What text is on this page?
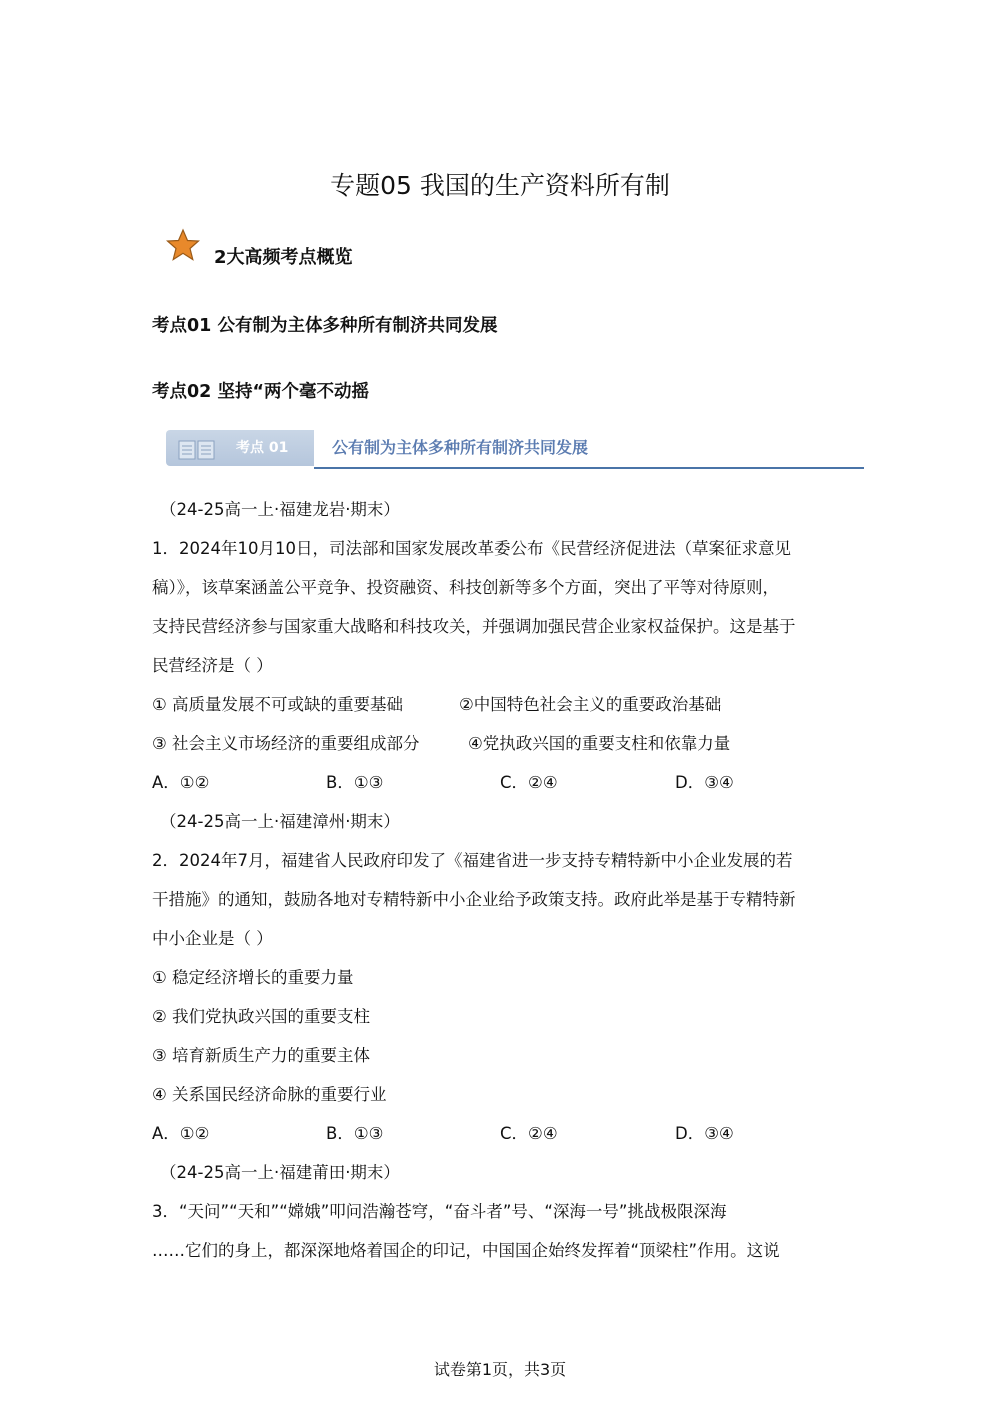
专题05 我国的生产资料所有制
2大高频考点概览
考点01 公有制为主体多种所有制济共同发展
考点02 坚持“两个毫不动摇
考点 01	公有制为主体多种所有制济共同发展
（24-25高一上·福建龙岩·期末）
1．2024年10月10日，司法部和国家发展改革委公布《民营经济促进法（草案征求意见
稿）》，该草案涵盖公平竞争、投资融资、科技创新等多个方面，突出了平等对待原则，
支持民营经济参与国家重大战略和科技攻关，并强调加强民营企业家权益保护。这是基于
民营经济是（ ）
① 高质量发展不可或缺的重要基础	②中国特色社会主义的重要政治基础
③ 社会主义市场经济的重要组成部分	④党执政兴国的重要支柱和依靠力量
A．①②	B．①③	C．②④	D．③④
（24-25高一上·福建漳州·期末）
2．2024年7月，福建省人民政府印发了《福建省进一步支持专精特新中小企业发展的若
干措施》的通知，鼓励各地对专精特新中小企业给予政策支持。政府此举是基于专精特新
中小企业是（ ）
① 稳定经济增长的重要力量
② 我们党执政兴国的重要支柱
③ 培育新质生产力的重要主体
④ 关系国民经济命脉的重要行业
A．①②	B．①③	C．②④	D．③④
（24-25高一上·福建莆田·期末）
3．“天问”“天和”“嫦娥”叩问浩瀚苍穹，“奋斗者”号、“深海一号”挑战极限深海
……它们的身上，都深深地烙着国企的印记，中国国企始终发挥着“顶梁柱”作用。这说
试卷第1页，共3页
